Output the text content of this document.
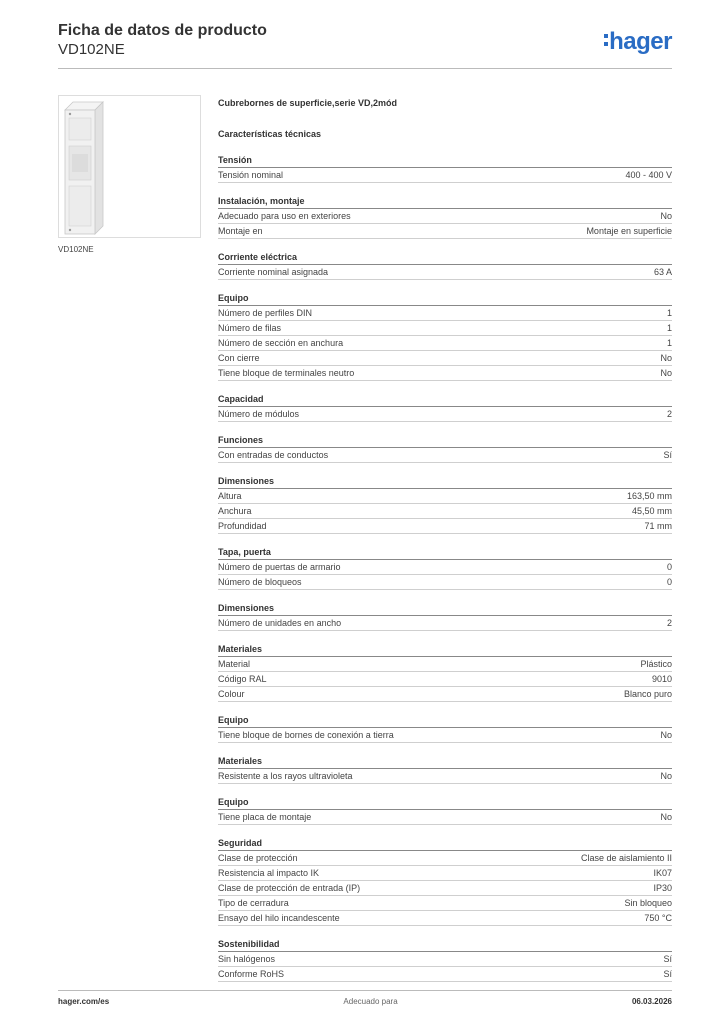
Ficha de datos de producto
VD102NE	hager
VD102NE
Cubrebornes de superficie,serie VD,2mód
Características técnicas
Tensión
Tensión nominal	400 - 400 V
Instalación, montaje
Adecuado para uso en exteriores	No
Montaje en	Montaje en superficie
Corriente eléctrica
Corriente nominal asignada	63 A
Equipo
Número de perfiles DIN	1
Número de filas	1
Número de sección en anchura	1
Con cierre	No
Tiene bloque de terminales neutro	No
Capacidad
Número de módulos	2
Funciones
Con entradas de conductos	Sí
Dimensiones
Altura	163,50 mm
Anchura	45,50 mm
Profundidad	71 mm
Tapa, puerta
Número de puertas de armario	0
Número de bloqueos	0
Dimensiones
Número de unidades en ancho	2
Materiales
Material	Plástico
Código RAL	9010
Colour	Blanco puro
Equipo
Tiene bloque de bornes de conexión a tierra	No
Materiales
Resistente a los rayos ultravioleta	No
Equipo
Tiene placa de montaje	No
Seguridad
Clase de protección	Clase de aislamiento II
Resistencia al impacto IK	IK07
Clase de protección de entrada (IP)	IP30
Tipo de cerradura	Sin bloqueo
Ensayo del hilo incandescente	750 °C
Sostenibilidad
Sin halógenos	Sí
Conforme RoHS	Sí
hager.com/es	Adecuado para	06.03.2026
